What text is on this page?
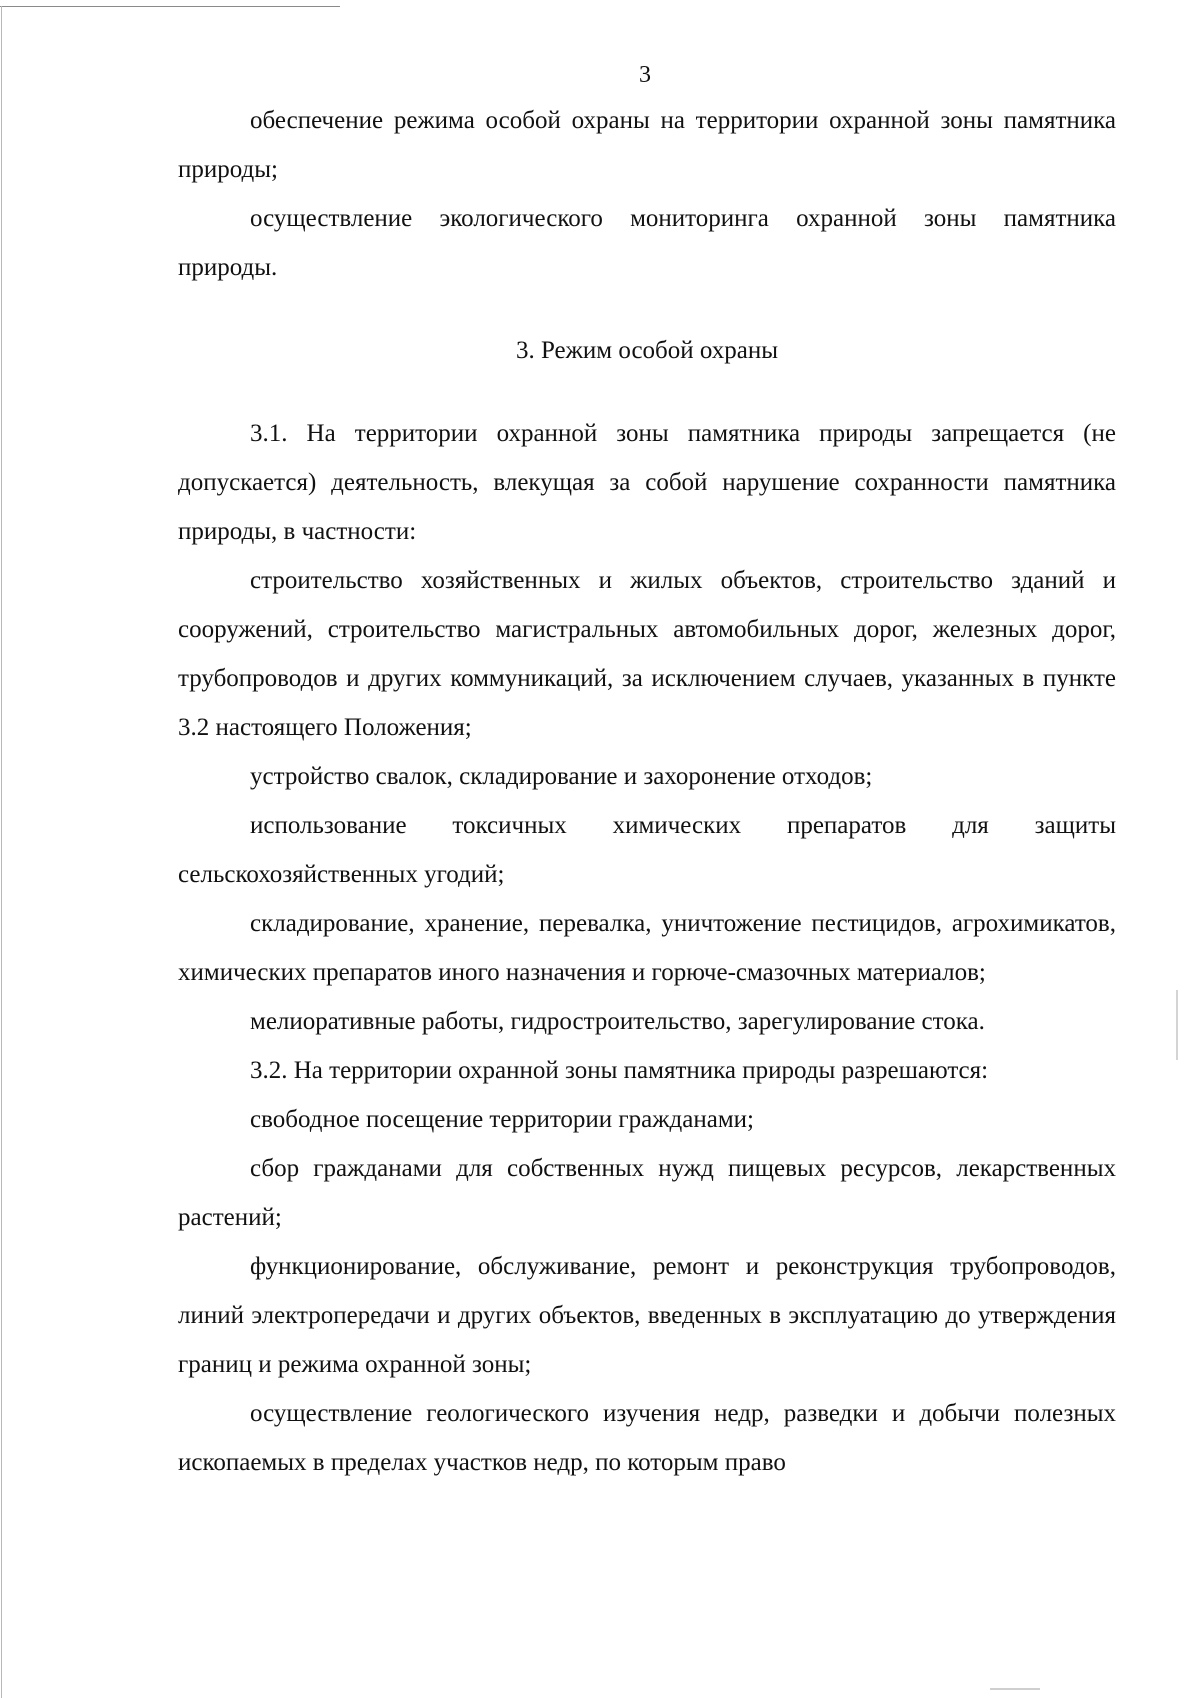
3

обеспечение режима особой охраны на территории охранной зоны памятника природы;

осуществление экологического мониторинга охранной зоны памятника природы.

3. Режим особой охраны

3.1. На территории охранной зоны памятника природы запрещается (не допускается) деятельность, влекущая за собой нарушение сохранности памятника природы, в частности:

строительство хозяйственных и жилых объектов, строительство зданий и сооружений, строительство магистральных автомобильных дорог, железных дорог, трубопроводов и других коммуникаций, за исключением случаев, указанных в пункте 3.2 настоящего Положения;

устройство свалок, складирование и захоронение отходов;

использование токсичных химических препаратов для защиты сельскохозяйственных угодий;

складирование, хранение, перевалка, уничтожение пестицидов, агрохимикатов, химических препаратов иного назначения и горюче-смазочных материалов;

мелиоративные работы, гидростроительство, зарегулирование стока.

3.2. На территории охранной зоны памятника природы разрешаются:

свободное посещение территории гражданами;

сбор гражданами для собственных нужд пищевых ресурсов, лекарственных растений;

функционирование, обслуживание, ремонт и реконструкция трубопроводов, линий электропередачи и других объектов, введенных в эксплуатацию до утверждения границ и режима охранной зоны;

осуществление геологического изучения недр, разведки и добычи полезных ископаемых в пределах участков недр, по которым право
